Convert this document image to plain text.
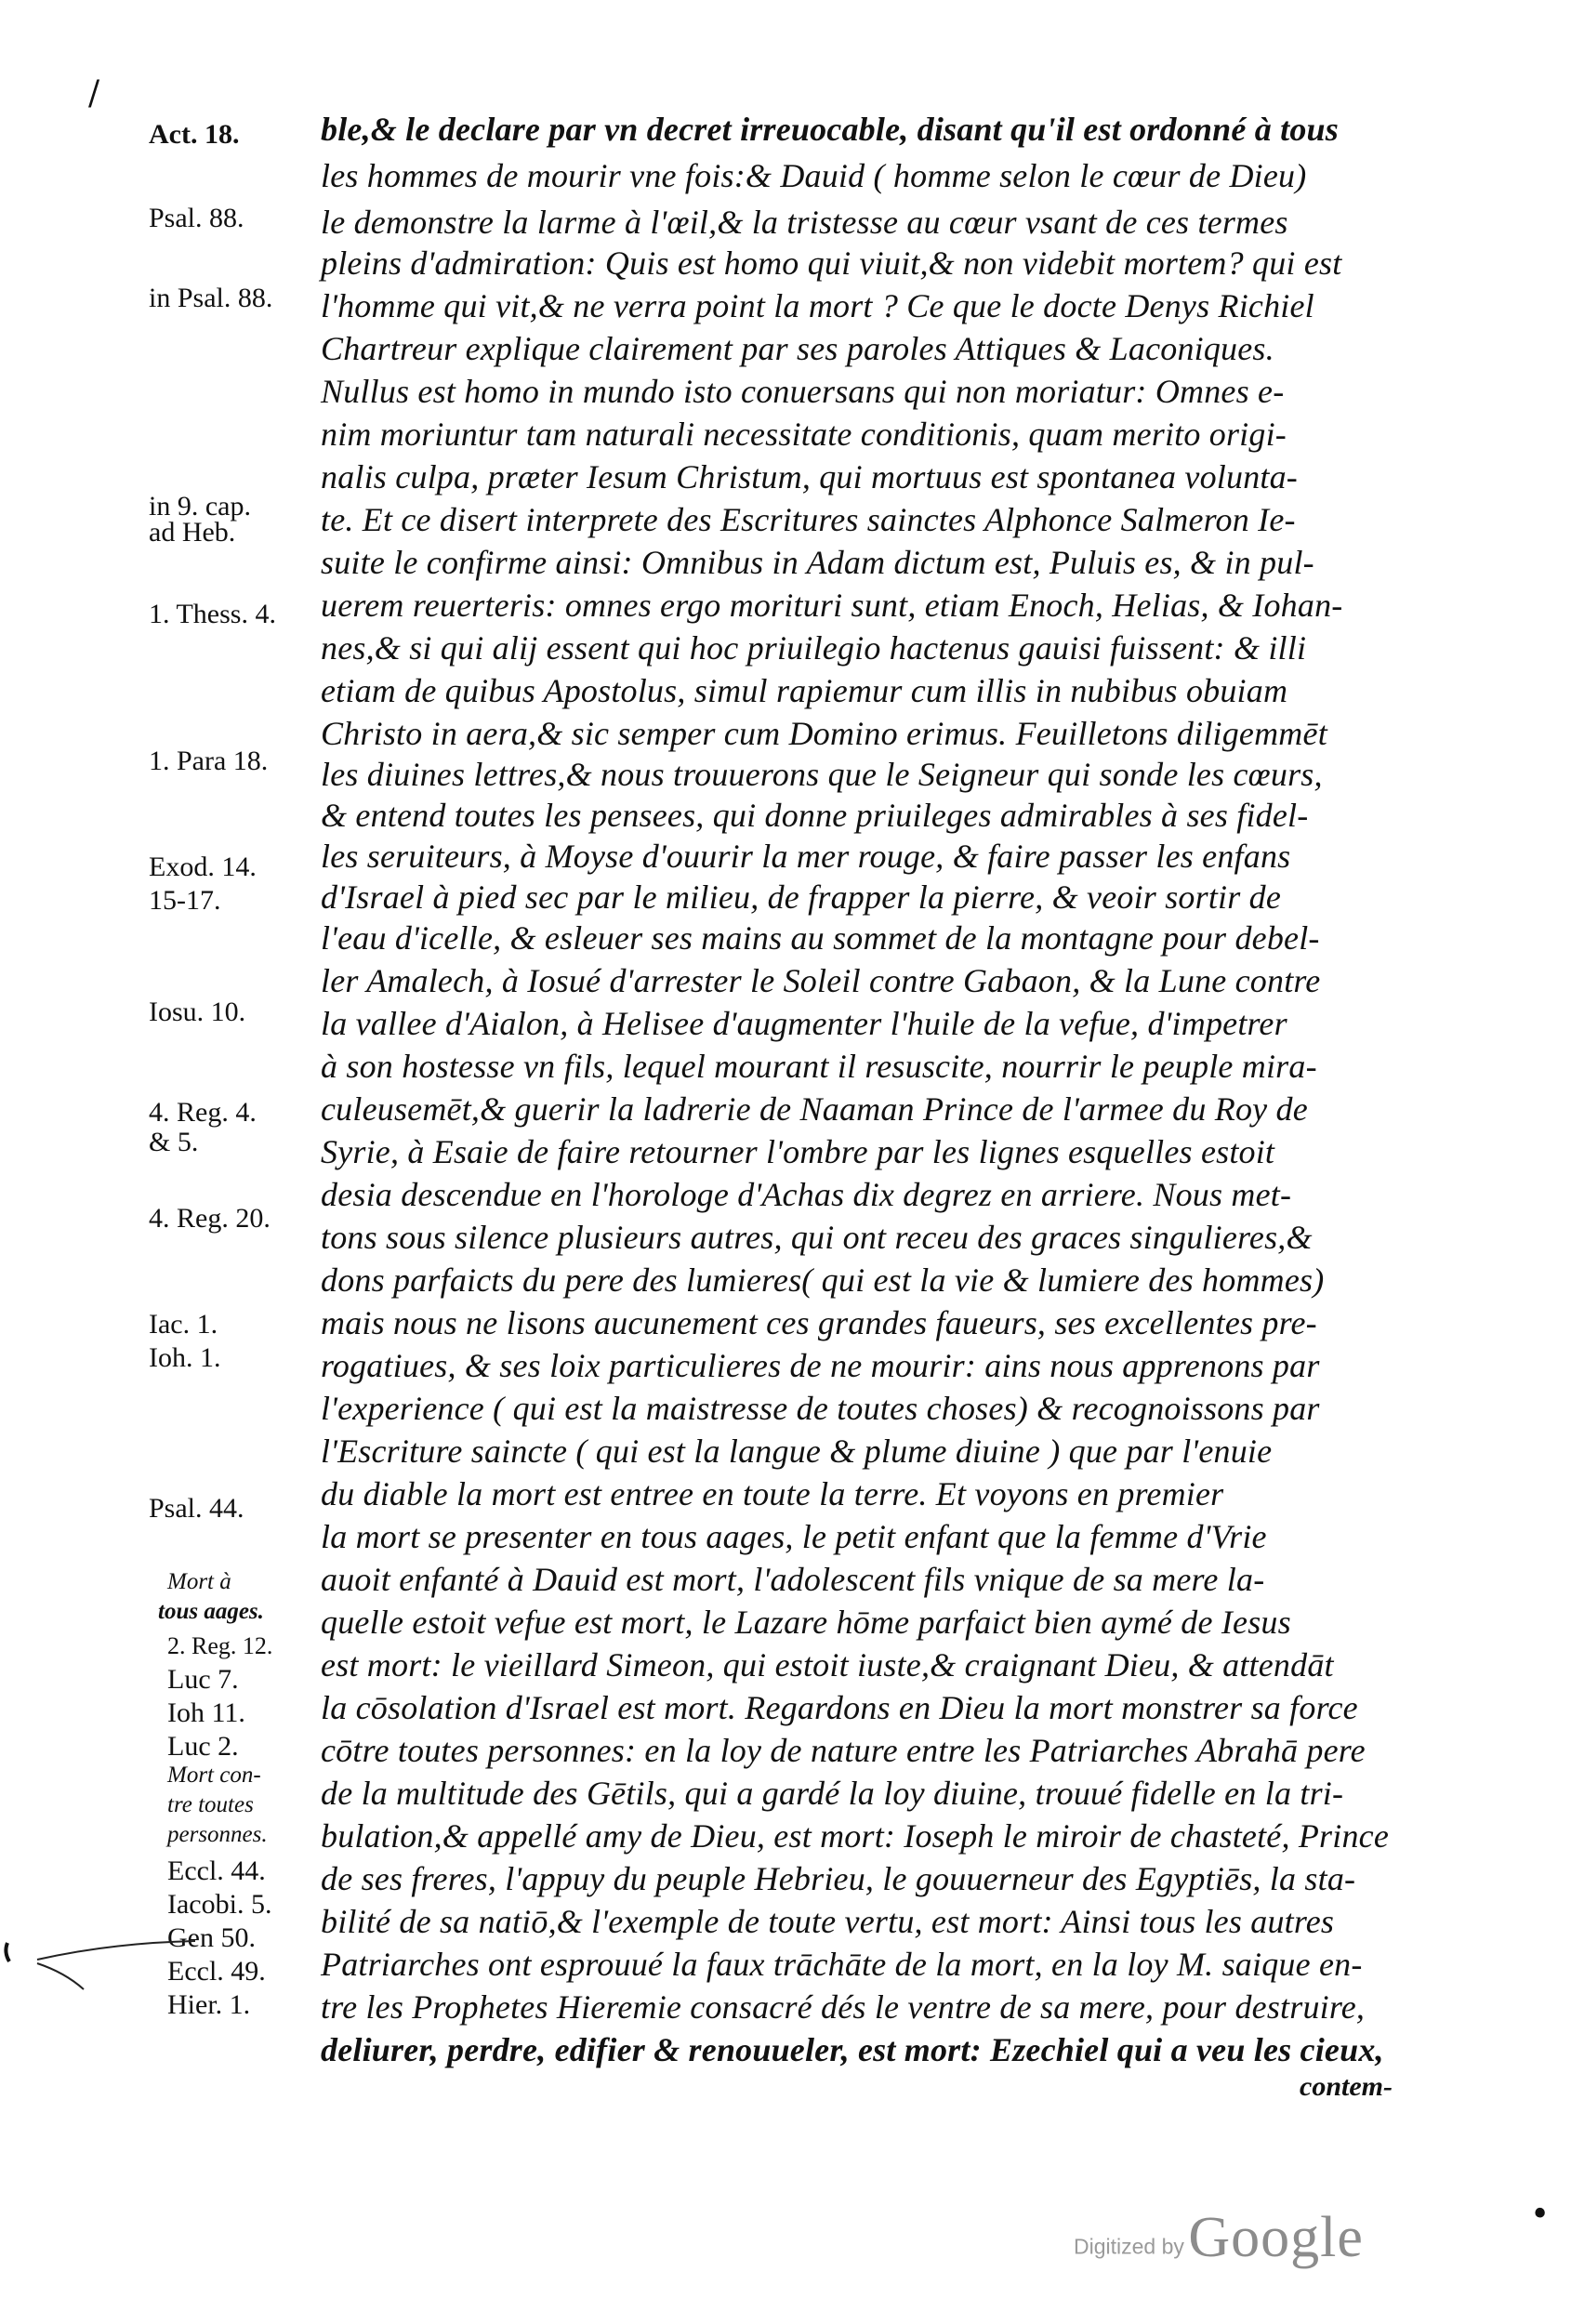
/
•
ble,& le declare par vn decret irreuocable, disant qu'il est ordonné à tous
les hommes de mourir vne fois:& Dauid ( homme selon le cœur de Dieu)
le demonstre la larme à l'œil,& la tristesse au cœur vsant de ces termes
pleins d'admiration: Quis est homo qui viuit,& non videbit mortem? qui est
l'homme qui vit,& ne verra point la mort ? Ce que le docte Denys Richiel
Chartreur explique clairement par ses paroles Attiques & Laconiques.
Nullus est homo in mundo isto conuersans qui non moriatur: Omnes e-
nim moriuntur tam naturali necessitate conditionis, quam merito origi-
nalis culpa, præter Iesum Christum, qui mortuus est spontanea volunta-
te. Et ce disert interprete des Escritures sainctes Alphonce Salmeron Ie-
suite le confirme ainsi: Omnibus in Adam dictum est, Puluis es, & in pul-
uerem reuerteris: omnes ergo morituri sunt, etiam Enoch, Helias, & Iohan-
nes,& si qui alij essent qui hoc priuilegio hactenus gauisi fuissent: & illi
etiam de quibus Apostolus, simul rapiemur cum illis in nubibus obuiam
Christo in aera,& sic semper cum Domino erimus. Feuilletons diligemmēt
les diuines lettres,& nous trouuerons que le Seigneur qui sonde les cœurs,
& entend toutes les pensees, qui donne priuileges admirables à ses fidel-
les seruiteurs, à Moyse d'ouurir la mer rouge, & faire passer les enfans
d'Israel à pied sec par le milieu, de frapper la pierre, & veoir sortir de
l'eau d'icelle, & esleuer ses mains au sommet de la montagne pour debel-
ler Amalech, à Iosué d'arrester le Soleil contre Gabaon, & la Lune contre
la vallee d'Aialon, à Helisee d'augmenter l'huile de la vefue, d'impetrer
à son hostesse vn fils, lequel mourant il resuscite, nourrir le peuple mira-
culeusemēt,& guerir la ladrerie de Naaman Prince de l'armee du Roy de
Syrie, à Esaie de faire retourner l'ombre par les lignes esquelles estoit
desia descendue en l'horologe d'Achas dix degrez en arriere. Nous met-
tons sous silence plusieurs autres, qui ont receu des graces singulieres,&
dons parfaicts du pere des lumieres( qui est la vie & lumiere des hommes)
mais nous ne lisons aucunement ces grandes faueurs, ses excellentes pre-
rogatiues, & ses loix particulieres de ne mourir: ains nous apprenons par
l'experience ( qui est la maistresse de toutes choses) & recognoissons par
l'Escriture saincte ( qui est la langue & plume diuine ) que par l'enuie
du diable la mort est entree en toute la terre. Et voyons en premier
la mort se presenter en tous aages, le petit enfant que la femme d'Vrie
auoit enfanté à Dauid est mort, l'adolescent fils vnique de sa mere la-
quelle estoit vefue est mort, le Lazare hōme parfaict bien aymé de Iesus
est mort: le vieillard Simeon, qui estoit iuste,& craignant Dieu, & attendāt
la cōsolation d'Israel est mort. Regardons en Dieu la mort monstrer sa force
cōtre toutes personnes: en la loy de nature entre les Patriarches Abrahā pere
de la multitude des Gētils, qui a gardé la loy diuine, trouué fidelle en la tri-
bulation,& appellé amy de Dieu, est mort: Ioseph le miroir de chasteté, Prince
de ses freres, l'appuy du peuple Hebrieu, le gouuerneur des Egyptiēs, la sta-
bilité de sa natiō,& l'exemple de toute vertu, est mort: Ainsi tous les autres
Patriarches ont esprouué la faux trāchāte de la mort, en la loy M. saique en-
tre les Prophetes Hieremie consacré dés le ventre de sa mere, pour destruire,
deliurer, perdre, edifier & renouueler, est mort: Ezechiel qui a veu les cieux,
Act. 18.
Psal. 88.
in Psal. 88.
in 9. cap.
ad Heb.
1. Thess. 4.
1. Para 18.
Exod. 14.
15-17.
Iosu. 10.
4. Reg. 4.
& 5.
4. Reg. 20.
Iac. 1.
Ioh. 1.
Psal. 44.
Mort à
tous aages.
2. Reg. 12.
Luc 7.
Ioh 11.
Luc 2.
Mort con-
tre toutes
personnes.
Eccl. 44.
Iacobi. 5.
Gen 50.
Eccl. 49.
Hier. 1.
contem-
Digitized by Google
